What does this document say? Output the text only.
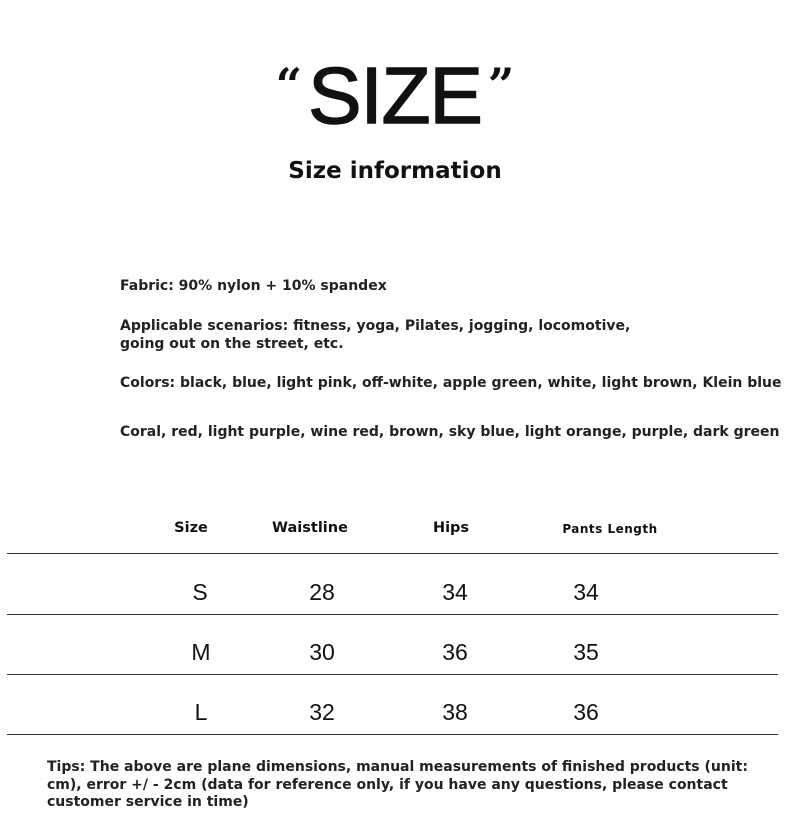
“SIZE ”
Size information
Fabric: 90% nylon + 10% spandex
Applicable scenarios: fitness, yoga, Pilates, jogging, locomotive, going out on the street, etc.
Colors: black, blue, light pink, off-white, apple green, white, light brown, Klein blue
Coral, red, light purple, wine red, brown, sky blue, light orange, purple, dark green
Size	Waistline	Hips	Pants Length
S	28	34	34
M	30	36	35
L	32	38	36
Tips: The above are plane dimensions, manual measurements of finished products (unit: cm), error +/ - 2cm (data for reference only, if you have any questions, please contact customer service in time)
